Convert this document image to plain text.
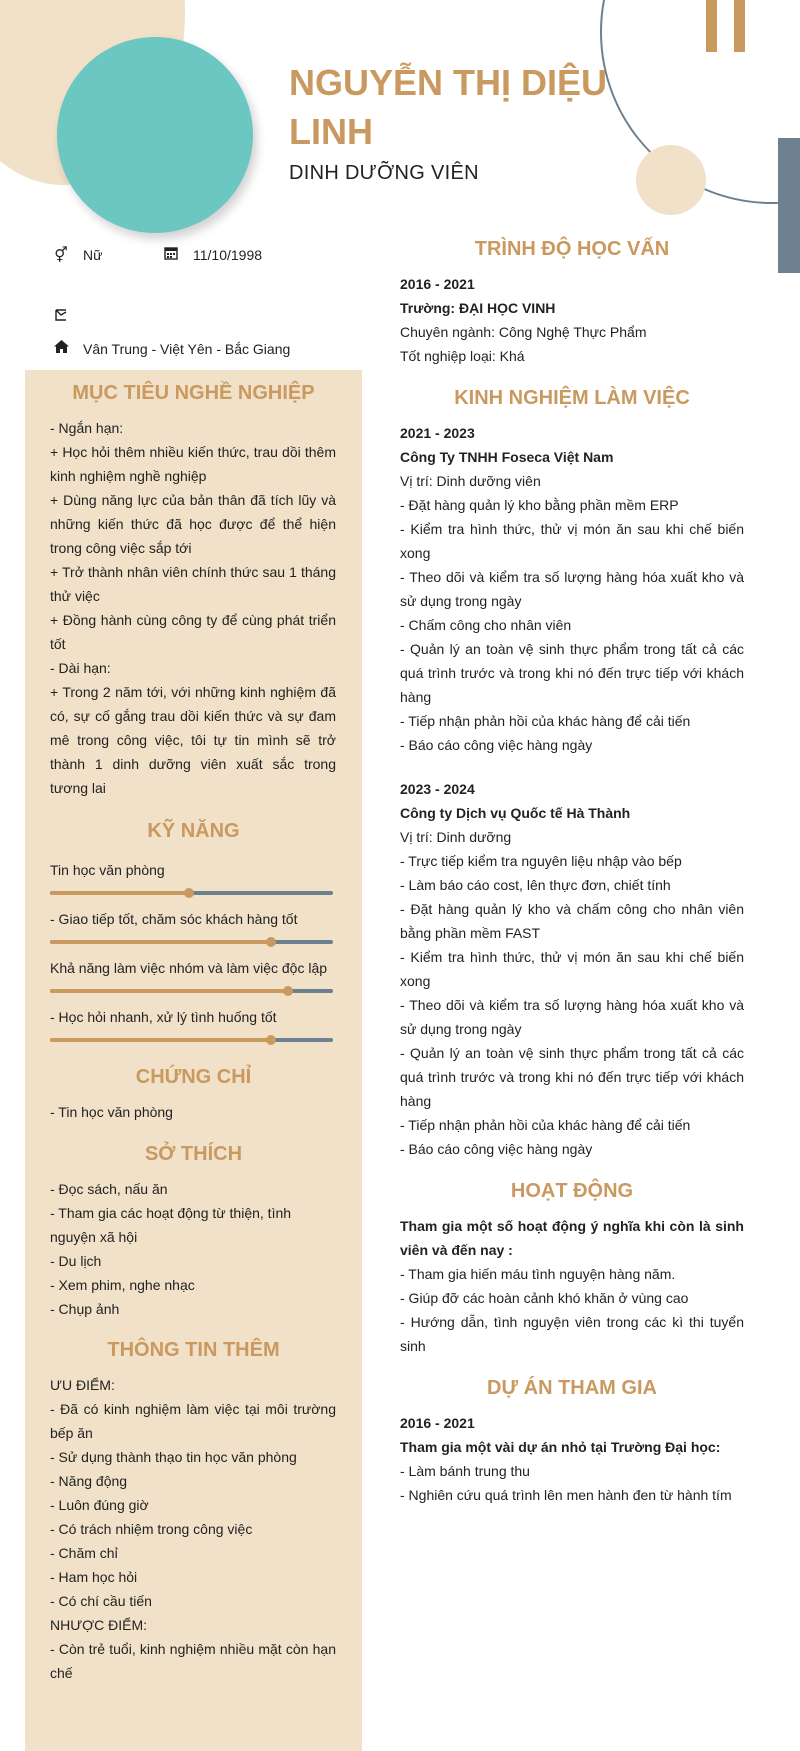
NGUYỄN THỊ DIỆU LINH
DINH DƯỠNG VIÊN
⚥ Nữ	11/10/1998
Vân Trung - Việt Yên - Bắc Giang
MỤC TIÊU NGHỀ NGHIỆP

- Ngắn hạn:

+ Học hỏi thêm nhiều kiến thức, trau dồi thêm kinh nghiệm nghề nghiệp

+ Dùng năng lực của bản thân đã tích lũy và những kiến thức đã học được để thể hiện trong công việc sắp tới

+ Trở thành nhân viên chính thức sau 1 tháng thử việc

+ Đồng hành cùng công ty để cùng phát triển tốt

- Dài hạn:

+ Trong 2 năm tới, với những kinh nghiệm đã có, sự cố gắng trau dồi kiến thức và sự đam mê trong công việc, tôi tự tin mình sẽ trở thành 1 dinh dưỡng viên xuất sắc trong tương lai

KỸ NĂNG
Tin học văn phòng
- Giao tiếp tốt, chăm sóc khách hàng tốt
Khả năng làm việc nhóm và làm việc độc lập
- Học hỏi nhanh, xử lý tình huống tốt
CHỨNG CHỈ

- Tin học văn phòng

SỞ THÍCH

- Đọc sách, nấu ăn

- Tham gia các hoạt động từ thiện, tình nguyện xã hội

- Du lịch

- Xem phim, nghe nhạc

- Chụp ảnh

THÔNG TIN THÊM

ƯU ĐIỂM:

- Đã có kinh nghiệm làm việc tại môi trường bếp ăn

- Sử dụng thành thạo tin học văn phòng

- Năng động

- Luôn đúng giờ

- Có trách nhiệm trong công việc

- Chăm chỉ

- Ham học hỏi

- Có chí cầu tiến

NHƯỢC ĐIỂM:

- Còn trẻ tuổi, kinh nghiệm nhiều mặt còn hạn chế

TRÌNH ĐỘ HỌC VẤN

2016 - 2021

Trường: ĐẠI HỌC VINH

Chuyên ngành: Công Nghệ Thực Phẩm

Tốt nghiệp loại: Khá

KINH NGHIỆM LÀM VIỆC

2021 - 2023

Công Ty TNHH Foseca Việt Nam

Vị trí: Dinh dưỡng viên

- Đặt hàng quản lý kho bằng phần mềm ERP

- Kiểm tra hình thức, thử vị món ăn sau khi chế biến xong

- Theo dõi và kiểm tra số lượng hàng hóa xuất kho và sử dụng trong ngày

- Chấm công cho nhân viên

- Quản lý an toàn vệ sinh thực phẩm trong tất cả các quá trình trước và trong khi nó đến trực tiếp với khách hàng

- Tiếp nhận phản hồi của khác hàng để cải tiến

- Báo cáo công việc hàng ngày

2023 - 2024

Công ty Dịch vụ Quốc tế Hà Thành

Vị trí: Dinh dưỡng

- Trực tiếp kiểm tra nguyên liệu nhập vào bếp

- Làm báo cáo cost, lên thực đơn, chiết tính

- Đặt hàng quản lý kho và chấm công cho nhân viên bằng phần mềm FAST

- Kiểm tra hình thức, thử vị món ăn sau khi chế biến xong

- Theo dõi và kiểm tra số lượng hàng hóa xuất kho và sử dụng trong ngày

- Quản lý an toàn vệ sinh thực phẩm trong tất cả các quá trình trước và trong khi nó đến trực tiếp với khách hàng

- Tiếp nhận phản hồi của khác hàng để cải tiến

- Báo cáo công việc hàng ngày

HOẠT ĐỘNG

Tham gia một số hoạt động ý nghĩa khi còn là sinh viên và đến nay :

- Tham gia hiến máu tình nguyện hàng năm.

- Giúp đỡ các hoàn cảnh khó khăn ở vùng cao

- Hướng dẫn, tình nguyện viên trong các kì thi tuyển sinh

DỰ ÁN THAM GIA

2016 - 2021

Tham gia một vài dự án nhỏ tại Trường Đại học:

- Làm bánh trung thu

- Nghiên cứu quá trình lên men hành đen từ hành tím
